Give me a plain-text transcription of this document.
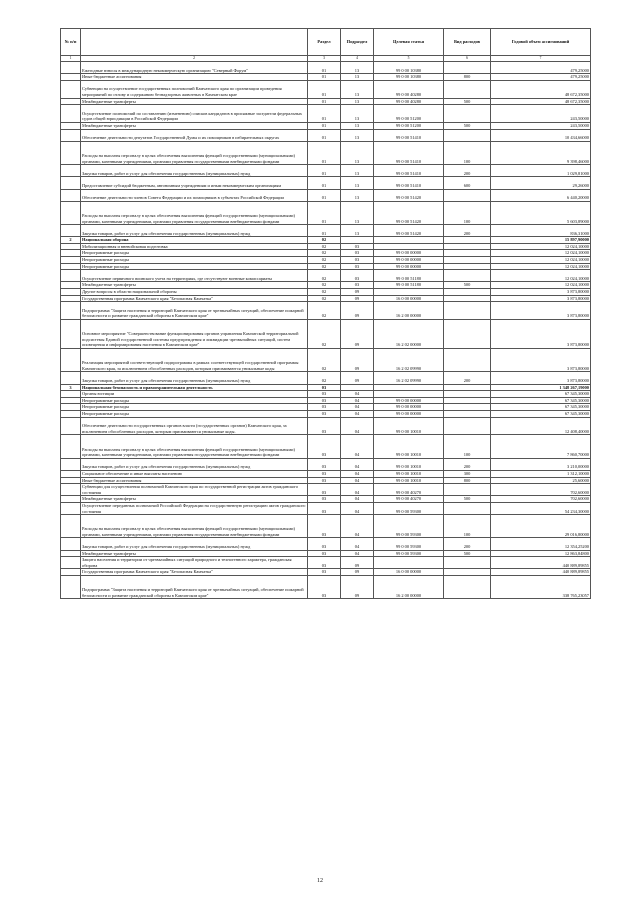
№ п/п		Раздел	Подраздел	Целевая статья	Вид расходов	Годовой объем ассигнований
1	2	3	4	5	6	7
	Ежегодные взносы в международную некоммерческую организацию "Северный Форум"	01	13	99 0 00 10380		479,25000
	Иные бюджетные ассигнования	01	13	99 0 00 10380	800	479,25000
	Субвенции на осуществление государственных полномочий Камчатского края по организации проведения мероприятий по отлову и содержанию безнадзорных животных в Камчатском крае	01	13	99 0 00 40280		48 672,35000
	Межбюджетные трансферты	01	13	99 0 00 40280	500	48 672,35000
	Осуществление полномочий по составлению (изменению) списков кандидатов в присяжные заседатели федеральных судов общей юрисдикции в Российской Федерации	01	13	99 0 00 51200		243,50000
	Межбюджетные трансферты	01	13	99 0 00 51200	500	243,50000
	Обеспечение деятельности депутатов Государственной Думы и их помощников в избирательных округах	01	13	99 0 00 51410		10 434,66000
	Расходы на выплаты персоналу в целях обеспечения выполнения функций государственными (муниципальными) органами, казенными учреждениями, органами управления государственными внебюджетными фондами	01	13	99 0 00 51410	100	9 398,46000
	Закупка товаров, работ и услуг для обеспечения государственных (муниципальных) нужд	01	13	99 0 00 51410	200	1 029,81000
	Предоставление субсидий бюджетным, автономным учреждениям и иным некоммерческим организациям	01	13	99 0 00 51410	600	29,26000
	Обеспечение деятельности членов Совета Федерации и их помощников в субъектах Российской Федерации	01	13	99 0 00 51420		6 440,20000
	Расходы на выплаты персоналу в целях обеспечения выполнения функций государственными (муниципальными) органами, казенными учреждениями, органами управления государственными внебюджетными фондами	01	13	99 0 00 51420	100	5 603,89000
	Закупка товаров, работ и услуг для обеспечения государственных (муниципальных) нужд	01	13	99 0 00 51420	200	836,31000
2	Национальная оборона	02				15 897,90000
	Мобилизационная и вневойсковая подготовка	02	03			12 024,10000
	Непрограммные расходы	02	03	99 0 00 00000		12 024,10000
	Непрограммные расходы	02	03	99 0 00 00000		12 024,10000
	Непрограммные расходы	02	03	99 0 00 00000		12 024,10000
	Осуществление первичного воинского учета на территориях, где отсутствуют военные комиссариаты	02	03	99 0 00 51180		12 024,10000
	Межбюджетные трансферты	02	03	99 0 00 51180	500	12 024,10000
	Другие вопросы в области национальной обороны	02	09			3 873,80000
	Государственная программа Камчатского края "Безопасная Камчатка"	02	09	16 0 00 00000		3 873,80000
	Подпрограмма "Защита населения и территорий Камчатского края от чрезвычайных ситуаций, обеспечение пожарной безопасности и развитие гражданской обороны в Камчатском крае"	02	09	16 2 00 00000		3 873,80000
	Основное мероприятие "Совершенствование функционирования органов управления Камчатской территориальной подсистемы Единой государственной системы предупреждения и ликвидации чрезвычайных ситуаций, систем оповещения и информирования населения в Камчатском крае"	02	09	16 2 02 00000		3 873,80000
	Реализация мероприятий соответствующей подпрограммы в рамках соответствующей государственной программы Камчатского края, за исключением обособленных расходов, которым присваиваются уникальные коды	02	09	16 2 02 09990		3 873,80000
	Закупка товаров, работ и услуг для обеспечения государственных (муниципальных) нужд	02	09	16 2 02 09990	200	3 873,80000
3	Национальная безопасность и правоохранительная деятельность	03				1 348 267,19000
	Органы юстиции	03	04			67 345,30000
	Непрограммные расходы	03	04	99 0 00 00000		67 345,30000
	Непрограммные расходы	03	04	99 0 00 00000		67 345,30000
	Непрограммные расходы	03	04	99 0 00 00000		67 345,30000
	Обеспечение деятельности государственных органов власти (государственных органов) Камчатского края, за исключением обособленных расходов, которым присваиваются уникальные коды.	03	04	99 0 00 10010		12 408,40000
	Расходы на выплаты персоналу в целях обеспечения выполнения функций государственными (муниципальными) органами, казенными учреждениями, органами управления государственными внебюджетными фондами	03	04	99 0 00 10010	100	7 860,70000
	Закупка товаров, работ и услуг для обеспечения государственных (муниципальных) нужд	03	04	99 0 00 10010	200	3 210,00000
	Социальное обеспечение и иные выплаты населению	03	04	99 0 00 10010	300	1 312,10000
	Иные бюджетные ассигнования	03	04	99 0 00 10010	800	25,60000
	Субвенции для осуществления полномочий Камчатского края по государственной регистрации актов гражданского состояния	03	04	99 0 00 40270		702,60000
	Межбюджетные трансферты	03	04	99 0 00 40270	500	702,60000
	Осуществление переданных полномочий Российской Федерации на государственную регистрацию актов гражданского состояния	03	04	99 0 00 59300		54 234,30000
	Расходы на выплаты персоналу в целях обеспечения выполнения функций государственными (муниципальными) органами, казенными учреждениями, органами управления государственными внебюджетными фондами	03	04	99 0 00 59300	100	29 016,80000
	Закупка товаров, работ и услуг для обеспечения государственных (муниципальных) нужд	03	04	99 0 00 59300	200	12 354,25200
	Межбюджетные трансферты	03	04	99 0 00 59300	500	12 863,84800
	Защита населения и территории от чрезвычайных ситуаций природного и техногенного характера, гражданская оборона	03	09			440 889,89855
	Государственная программа Камчатского края "Безопасная Камчатка"	03	09	16 0 00 00000		440 889,89855
	Подпрограмма "Защита населения и территорий Камчатского края от чрезвычайных ситуаций, обеспечение пожарной безопасности и развитие гражданской обороны в Камчатском крае"	03	09	16 2 00 00000		338 765,23057
12
